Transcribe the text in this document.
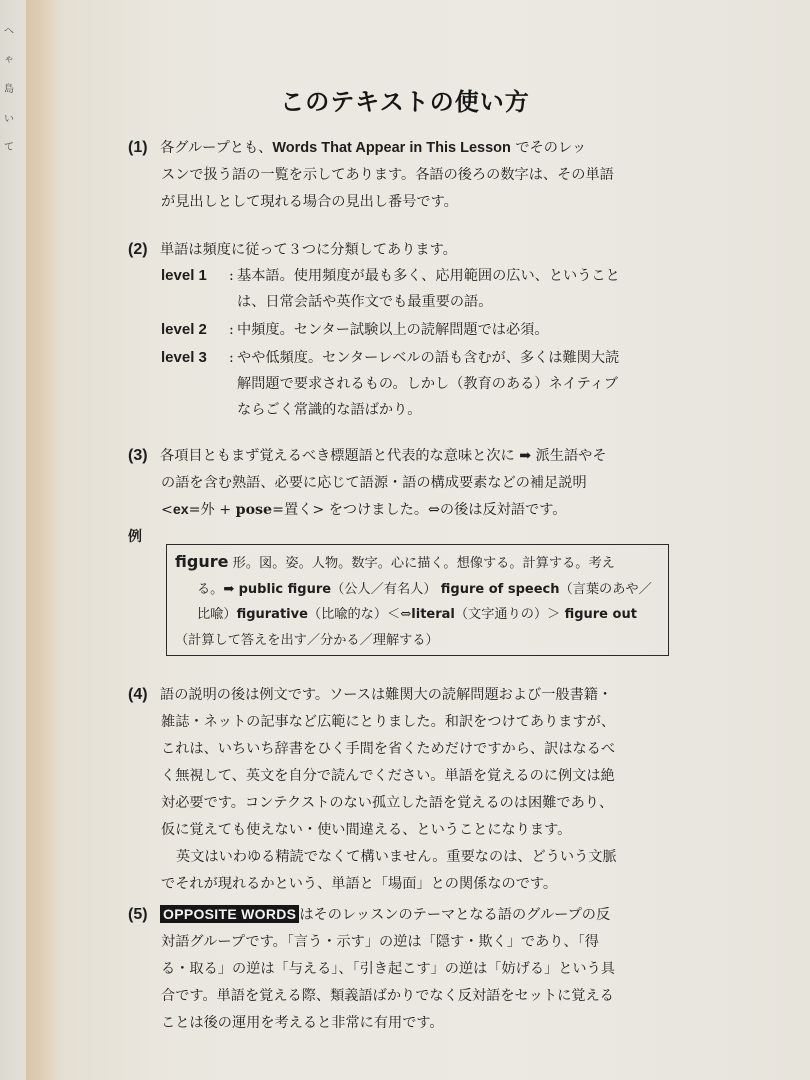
へ
ゃ
島
い
て
このテキストの使い方
(1) 各グループとも、Words That Appear in This Lesson でそのレッ
スンで扱う語の一覧を示してあります。各語の後ろの数字は、その単語
が見出しとして現れる場合の見出し番号です。
(2) 単語は頻度に従って３つに分類してあります。
level 1	: 基本語。使用頻度が最も多く、応用範囲の広い、ということ
は、日常会話や英作文でも最重要の語。
level 2	: 中頻度。センター試験以上の読解問題では必須。
level 3	: やや低頻度。センターレベルの語も含むが、多くは難関大読
解問題で要求されるもの。しかし（教育のある）ネイティブ
ならごく常識的な語ばかり。
(3) 各項目ともまず覚えるべき標題語と代表的な意味と次に ➡ 派生語やそ
の語を含む熟語、必要に応じて語源・語の構成要素などの補足説明
<ex=外 + pose=置く> をつけました。⇔の後は反対語です。
例
figure 形。図。姿。人物。数字。心に描く。想像する。計算する。考え
る。➡ public figure（公人／有名人） figure of speech（言葉のあや／
比喩）figurative（比喩的な）＜⇔literal（文字通りの）＞ figure out
（計算して答えを出す／分かる／理解する）
(4) 語の説明の後は例文です。ソースは難関大の読解問題および一般書籍・
雑誌・ネットの記事など広範にとりました。和訳をつけてありますが、
これは、いちいち辞書をひく手間を省くためだけですから、訳はなるべ
く無視して、英文を自分で読んでください。単語を覚えるのに例文は絶
対必要です。コンテクストのない孤立した語を覚えるのは困難であり、
仮に覚えても使えない・使い間違える、ということになります。
英文はいわゆる精読でなくて構いません。重要なのは、どういう文脈
でそれが現れるかという、単語と「場面」との関係なのです。
(5) OPPOSITE WORDS はそのレッスンのテーマとなる語のグループの反
対語グループです。「言う・示す」の逆は「隠す・欺く」であり、「得
る・取る」の逆は「与える」、「引き起こす」の逆は「妨げる」という具
合です。単語を覚える際、類義語ばかりでなく反対語をセットに覚える
ことは後の運用を考えると非常に有用です。
